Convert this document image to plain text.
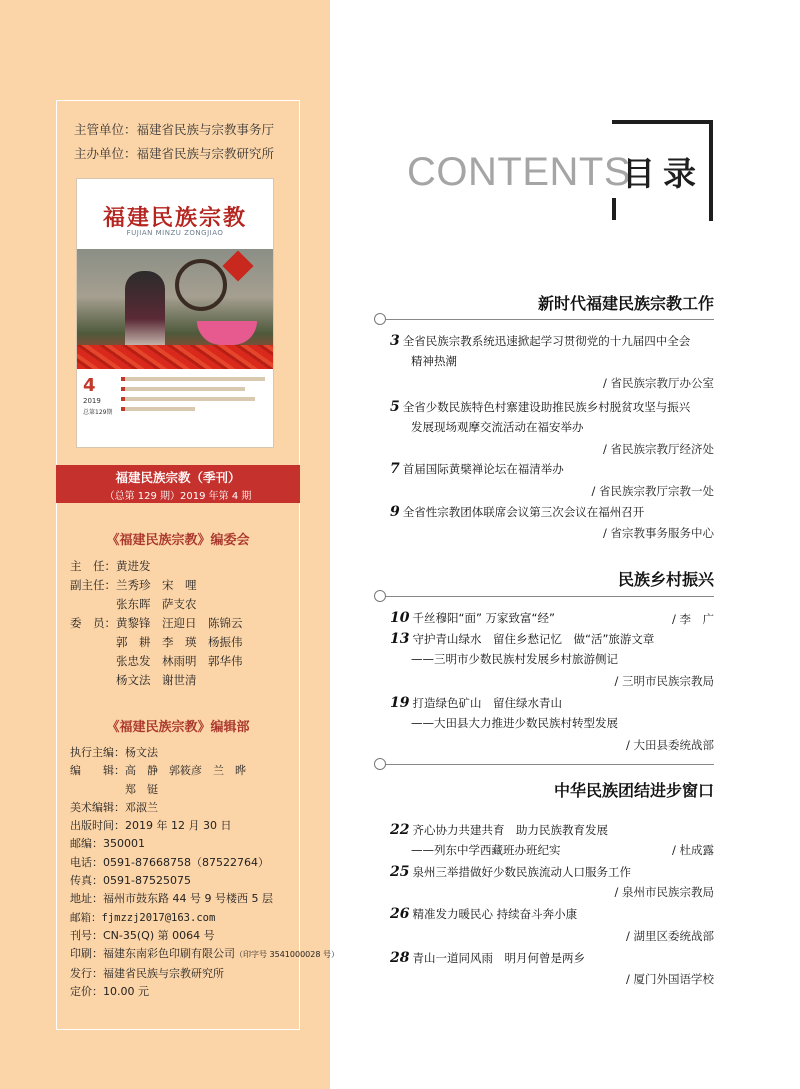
主管单位：福建省民族与宗教事务厅
主办单位：福建省民族与宗教研究所
福建民族宗教
FUJIAN MINZU ZONGJIAO
4
2019
总第129期
福建民族宗教（季刊）
（总第 129 期）2019 年第 4 期
《福建民族宗教》编委会
主　任：黄进发
副主任：兰秀珍　宋　哩
　　　　张东晖　萨支农
委　员：黄黎锋　汪迎日　陈锦云
　　　　郭　耕　李　瑛　杨振伟
　　　　张忠发　林雨明　郭华伟
　　　　杨文法　谢世清
《福建民族宗教》编辑部
执行主编：杨文法
编　　辑：高　静　郭筱彦　兰　晔
　　　　　郑　铤
美术编辑：邓淑兰
出版时间：2019 年 12 月 30 日
邮编：350001
电话：0591-87668758（87522764）
传真：0591-87525075
地址：福州市鼓东路 44 号 9 号楼西 5 层
邮箱：fjmzzj2017@163.com
刊号：CN-35(Q) 第 0064 号
印刷：福建东南彩色印刷有限公司（印字号 3541000028 号）
发行：福建省民族与宗教研究所
定价：10.00 元
CONTENTS
目录
新时代福建民族宗教工作
3 全省民族宗教系统迅速掀起学习贯彻党的十九届四中全会
精神热潮
/ 省民族宗教厅办公室
5 全省少数民族特色村寨建设助推民族乡村脱贫攻坚与振兴
发展现场观摩交流活动在福安举办
/ 省民族宗教厅经济处
7 首届国际黄檗禅论坛在福清举办
/ 省民族宗教厅宗教一处
9 全省性宗教团体联席会议第三次会议在福州召开
/ 省宗教事务服务中心
民族乡村振兴
10 千丝穆阳“面” 万家致富“经”	/ 李　广
13 守护青山绿水　留住乡愁记忆　做“活”旅游文章
——三明市少数民族村发展乡村旅游侧记
/ 三明市民族宗教局
19 打造绿色矿山　留住绿水青山
——大田县大力推进少数民族村转型发展
/ 大田县委统战部
中华民族团结进步窗口
22 齐心协力共建共育　助力民族教育发展
——列东中学西藏班办班纪实	/ 杜成露
25 泉州三举措做好少数民族流动人口服务工作
/ 泉州市民族宗教局
26 精准发力暖民心 持续奋斗奔小康
/ 湖里区委统战部
28 青山一道同风雨　明月何曾是两乡
/ 厦门外国语学校
